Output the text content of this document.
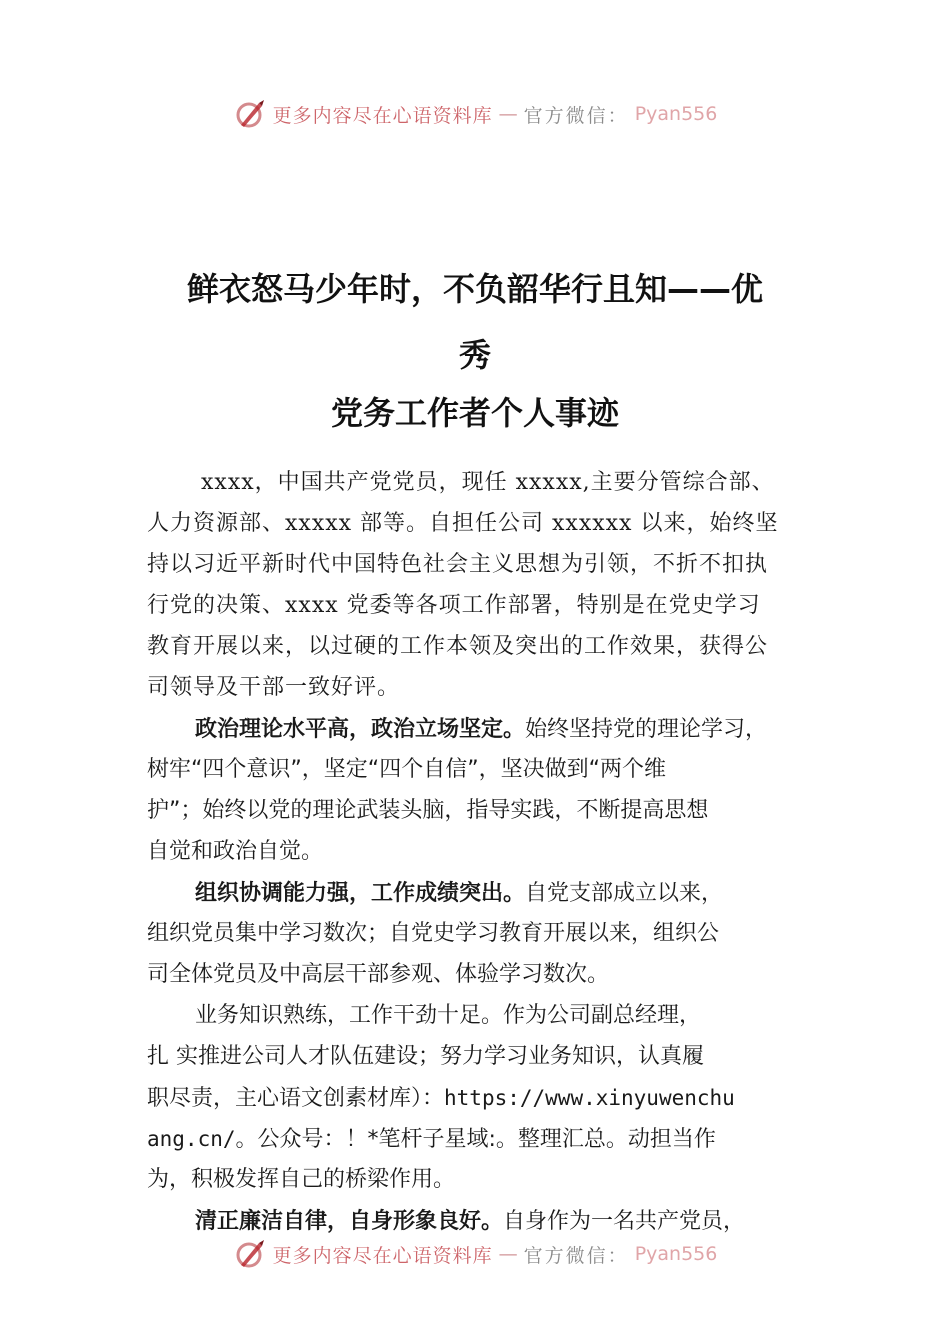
更多内容尽在心语资料库 — 官方微信： Pyan556
鲜衣怒马少年时，不负韶华行且知——优
秀
党务工作者个人事迹
xxxx，中国共产党党员，现任 xxxxx,主要分管综合部、
人力资源部、xxxxx 部等。自担任公司 xxxxxx 以来，始终坚
持以习近平新时代中国特色社会主义思想为引领，不折不扣执
行党的决策、xxxx 党委等各项工作部署，特别是在党史学习
教育开展以来，以过硬的工作本领及突出的工作效果，获得公
司领导及干部一致好评。
政治理论水平高，政治立场坚定。始终坚持党的理论学习，
树牢“四个意识”，坚定“四个自信”，坚决做到“两个维
护”；始终以党的理论武装头脑，指导实践，不断提高思想
自觉和政治自觉。
组织协调能力强，工作成绩突出。自党支部成立以来，
组织党员集中学习数次；自党史学习教育开展以来，组织公
司全体党员及中高层干部参观、体验学习数次。
业务知识熟练，工作干劲十足。作为公司副总经理，
扎 实推进公司人才队伍建设；努力学习业务知识，认真履
职尽责，主心语文创素材库）：https://www.xinyuwenchu
ang.cn/。公众号：！*笔杆子星域:。整理汇总。动担当作
为，积极发挥自己的桥梁作用。
清正廉洁自律，自身形象良好。自身作为一名共产党员，
更多内容尽在心语资料库 — 官方微信： Pyan556
